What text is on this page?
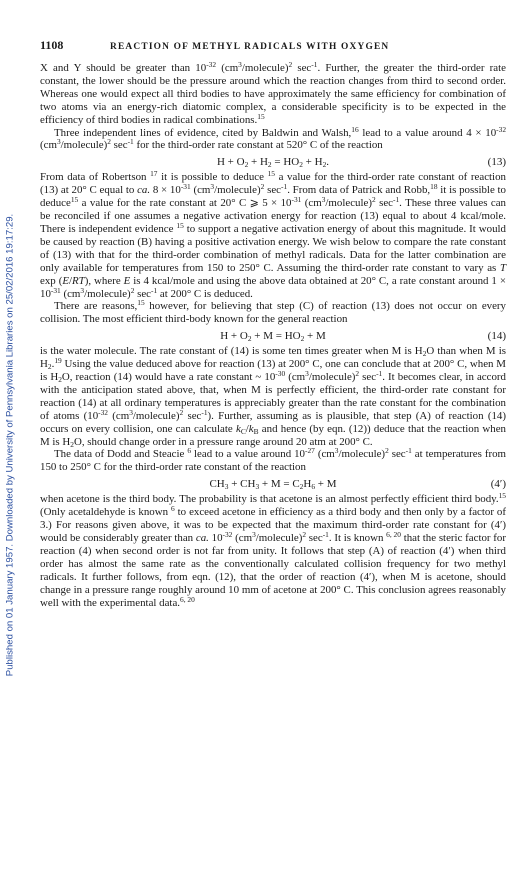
Published on 01 January 1957. Downloaded by University of Pennsylvania Libraries on 25/02/2016 19:17:29.
1108	REACTION OF METHYL RADICALS WITH OXYGEN

X and Y should be greater than $10^{-32}$ $(cm^3/molecule)^2$ $\sec^{-1}$. Further, the greater the third-order rate constant, the lower should be the pressure around which the reaction changes from third to second order. Whereas one would expect all third bodies to have approximately the same efficiency for combination of two atoms via an energy-rich diatomic complex, a considerable specificity is to be expected in the efficiency of third bodies in radical combinations.$^{15}$

Three independent lines of evidence, cited by Baldwin and Walsh,$^{16}$ lead to a value around $4 \times 10^{-32}$ $(cm^3/molecule)^2$ $\sec^{-1}$ for the third-order rate constant at 520° C of the reaction

$H + O_2 + H_2 = HO_2 + H_2$.	(13)

From data of Robertson $^{17}$ it is possible to deduce $^{15}$ a value for the third-order rate constant of reaction (13) at 20° C equal to ca. $8 \times 10^{-31}$ $(cm^3/molecule)^2$ $\sec^{-1}$. From data of Patrick and Robb,$^{18}$ it is possible to deduce$^{15}$ a value for the rate constant at 20° C ⩾ $5 \times 10^{-31}$ $(cm^3/molecule)^2$ $\sec^{-1}$. These three values can be reconciled if one assumes a negative activation energy for reaction (13) equal to about 4 kcal/mole. There is independent evidence $^{15}$ to support a negative activation energy of about this magnitude. It would be caused by reaction (B) having a positive activation energy. We wish below to compare the rate constant of (13) with that for the third-order combination of methyl radicals. Data for the latter combination are only available for temperatures from 150 to 250° C. Assuming the third-order rate constant to vary as T exp (E/RT), where E is 4 kcal/mole and using the above data obtained at 20° C, a rate constant around $1 \times 10^{-31}$ $(cm^3/molecule)^2$ $\sec^{-1}$ at 200° C is deduced.

There are reasons,$^{15}$ however, for believing that step (C) of reaction (13) does not occur on every collision. The most efficient third-body known for the general reaction

$H + O_2 + M = HO_2 + M$	(14)

is the water molecule. The rate constant of (14) is some ten times greater when M is $H_2O$ than when M is $H_2.^{19}$ Using the value deduced above for reaction (13) at 200° C, one can conclude that at 200° C, when M is $H_2O$, reaction (14) would have a rate constant ~ $10^{-30}$ $(cm^3/molecule)^2$ $\sec^{-1}$. It becomes clear, in accord with the anticipation stated above, that, when M is perfectly efficient, the third-order rate constant for reaction (14) at all ordinary temperatures is appreciably greater than the rate constant for the combination of atoms ($10^{-32}$ $(cm^3/molecule)^2$ $\sec^{-1}$). Further, assuming as is plausible, that step (A) of reaction (14) occurs on every collision, one can calculate $k_C/k_B$ and hence (by eqn. (12)) deduce that the reaction when M is $H_2O$, should change order in a pressure range around 20 atm at 200° C.

The data of Dodd and Steacie $^6$ lead to a value around $10^{-27}$ $(cm^3/molecule)^2$ $\sec^{-1}$ at temperatures from 150 to 250° C for the third-order rate constant of the reaction

$CH_3 + CH_3 + M = C_2H_6 + M$	(4′)

when acetone is the third body. The probability is that acetone is an almost perfectly efficient third body.$^{15}$ (Only acetaldehyde is known $^6$ to exceed acetone in efficiency as a third body and then only by a factor of 3.) For reasons given above, it was to be expected that the maximum third-order rate constant for (4′) would be considerably greater than ca. $10^{-32}$ $(cm^3/molecule)^2$ $\sec^{-1}$. It is known $^{6, 20}$ that the steric factor for reaction (4) when second order is not far from unity. It follows that step (A) of reaction (4′) when third order has almost the same rate as the conventionally calculated collision frequency for two methyl radicals. It further follows, from eqn. (12), that the order of reaction (4′), when M is acetone, should change in a pressure range roughly around 10 mm of acetone at 200° C. This conclusion agrees reasonably well with the experimental data.$^{6, 20}$
